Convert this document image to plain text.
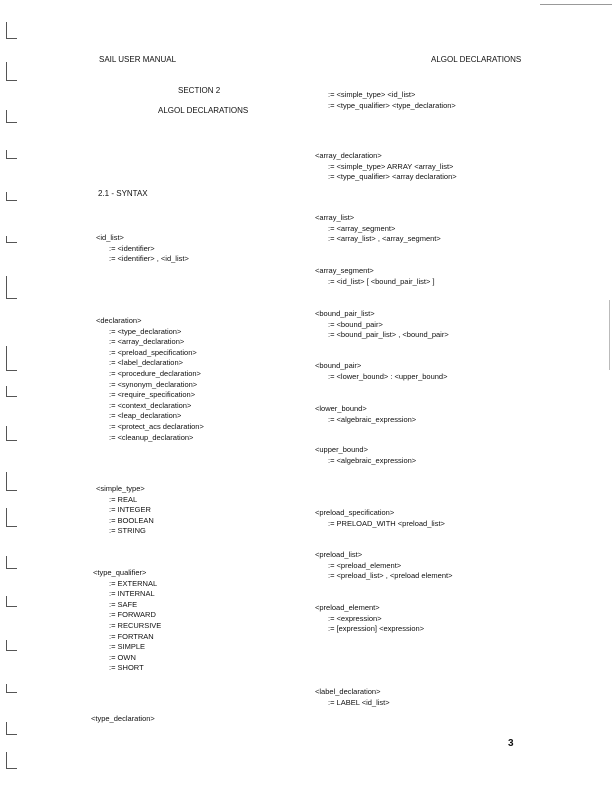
SAIL USER MANUAL	ALGOL DECLARATIONS
SECTION 2
ALGOL DECLARATIONS
2.1 - SYNTAX
<id_list>
:= <identifier>
:= <identifier> , <id_list>
<declaration>
:= <type_declaration>
:= <array_declaration>
:= <preload_specification>
:= <label_declaration>
:= <procedure_declaration>
:= <synonym_declaration>
:= <require_specification>
:= <context_declaration>
:= <leap_declaration>
:= <protect_acs declaration>
:= <cleanup_declaration>
<simple_type>
:= REAL
:= INTEGER
:= BOOLEAN
:= STRING
<type_qualifier>
:= EXTERNAL
:= INTERNAL
:= SAFE
:= FORWARD
:= RECURSIVE
:= FORTRAN
:= SIMPLE
:= OWN
:= SHORT
<type_declaration>
:= <simple_type> <id_list>
:= <type_qualifier> <type_declaration>
<array_declaration>
:= <simple_type> ARRAY <array_list>
:= <type_qualifier> <array declaration>
<array_list>
:= <array_segment>
:= <array_list> , <array_segment>
<array_segment>
:= <id_list> [ <bound_pair_list> ]
<bound_pair_list>
:= <bound_pair>
:= <bound_pair_list> , <bound_pair>
<bound_pair>
:= <lower_bound> : <upper_bound>
<lower_bound>
:= <algebraic_expression>
<upper_bound>
:= <algebraic_expression>
<preload_specification>
:= PRELOAD_WITH <preload_list>
<preload_list>
:= <preload_element>
:= <preload_list> , <preload element>
<preload_element>
:= <expression>
:= [expression] <expression>
<label_declaration>
:= LABEL <id_list>
3
